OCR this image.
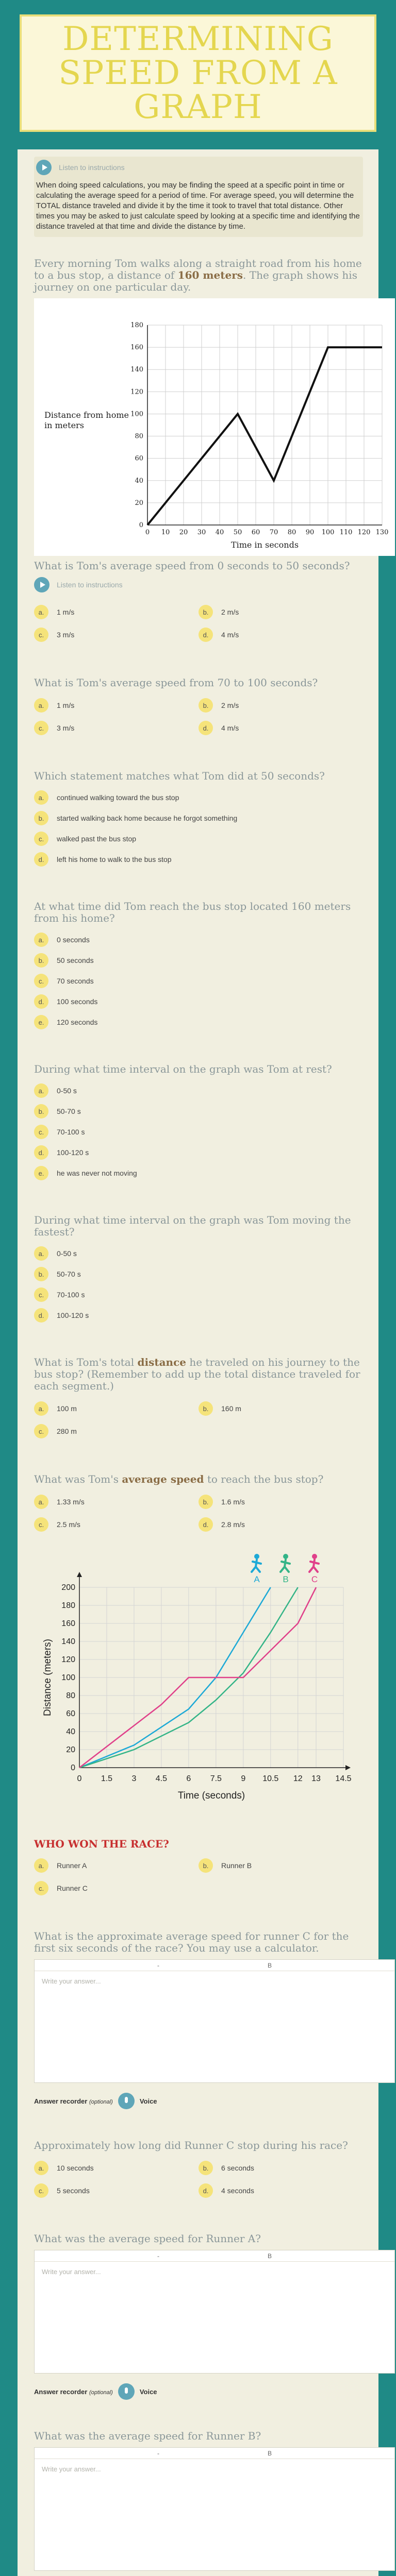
DETERMINING SPEED FROM A GRAPH
Listen to instructions

When doing speed calculations, you may be finding the speed at a specific point in time or calculating the average speed for a period of time. For average speed, you will determine the TOTAL distance traveled and divide it by the time it took to travel that total distance. Other times you may be asked to just calculate speed by looking at a specific time and identifying the distance traveled at that time and divide the distance by time.

Every morning Tom walks along a straight road from his home to a bus stop, a distance of 160 meters. The graph shows his journey on one particular day.
0 10 20 30 40 50 60 70 80 90 100 110 120 130
0
20
40
60
80
100
120
140
160
180
Time in seconds
Distance from home
in meters
What is Tom's average speed from 0 seconds to 50 seconds?
Listen to instructions
a.	1 m/s	b.	2 m/s
c.	3 m/s	d.	4 m/s
What is Tom's average speed from 70 to 100 seconds?
a.	1 m/s	b.	2 m/s
c.	3 m/s	d.	4 m/s
Which statement matches what Tom did at 50 seconds?
a.	continued walking toward the bus stop
b.	started walking back home because he forgot something
c.	walked past the bus stop
d.	left his home to walk to the bus stop
At what time did Tom reach the bus stop located 160 meters from his home?
a.	0 seconds
b.	50 seconds
c.	70 seconds
d.	100 seconds
e.	120 seconds
During what time interval on the graph was Tom at rest?
a.	0-50 s
b.	50-70 s
c.	70-100 s
d.	100-120 s
e.	he was never not moving
During what time interval on the graph was Tom moving the fastest?
a.	0-50 s
b.	50-70 s
c.	70-100 s
d.	100-120 s
What is Tom's total distance he traveled on his journey to the bus stop? (Remember to add up the total distance traveled for each segment.)
a.	100 m	b.	160 m
c.	280 m
What was Tom's average speed to reach the bus stop?
a.	1.33 m/s	b.	1.6 m/s
c.	2.5 m/s	d.	2.8 m/s
0 1.5 3 4.5 6 7.5 9 10.5 12 13 14.5
0
20
40
60
80
100
120
140
160
180
200
A	B	C
Time (seconds)
Distance (meters)
WHO WON THE RACE?
a.	Runner A	b.	Runner B
c.	Runner C
What is the approximate average speed for runner C for the first six seconds of the race? You may use a calculator.
-	B
Write your answer...
Answer recorder (optional)	Voice
Approximately how long did Runner C stop during his race?
a.	10 seconds	b.	6 seconds
c.	5 seconds	d.	4 seconds
What was the average speed for Runner A?
-	B
Write your answer...
Answer recorder (optional)	Voice
What was the average speed for Runner B?
-	B
Write your answer...
